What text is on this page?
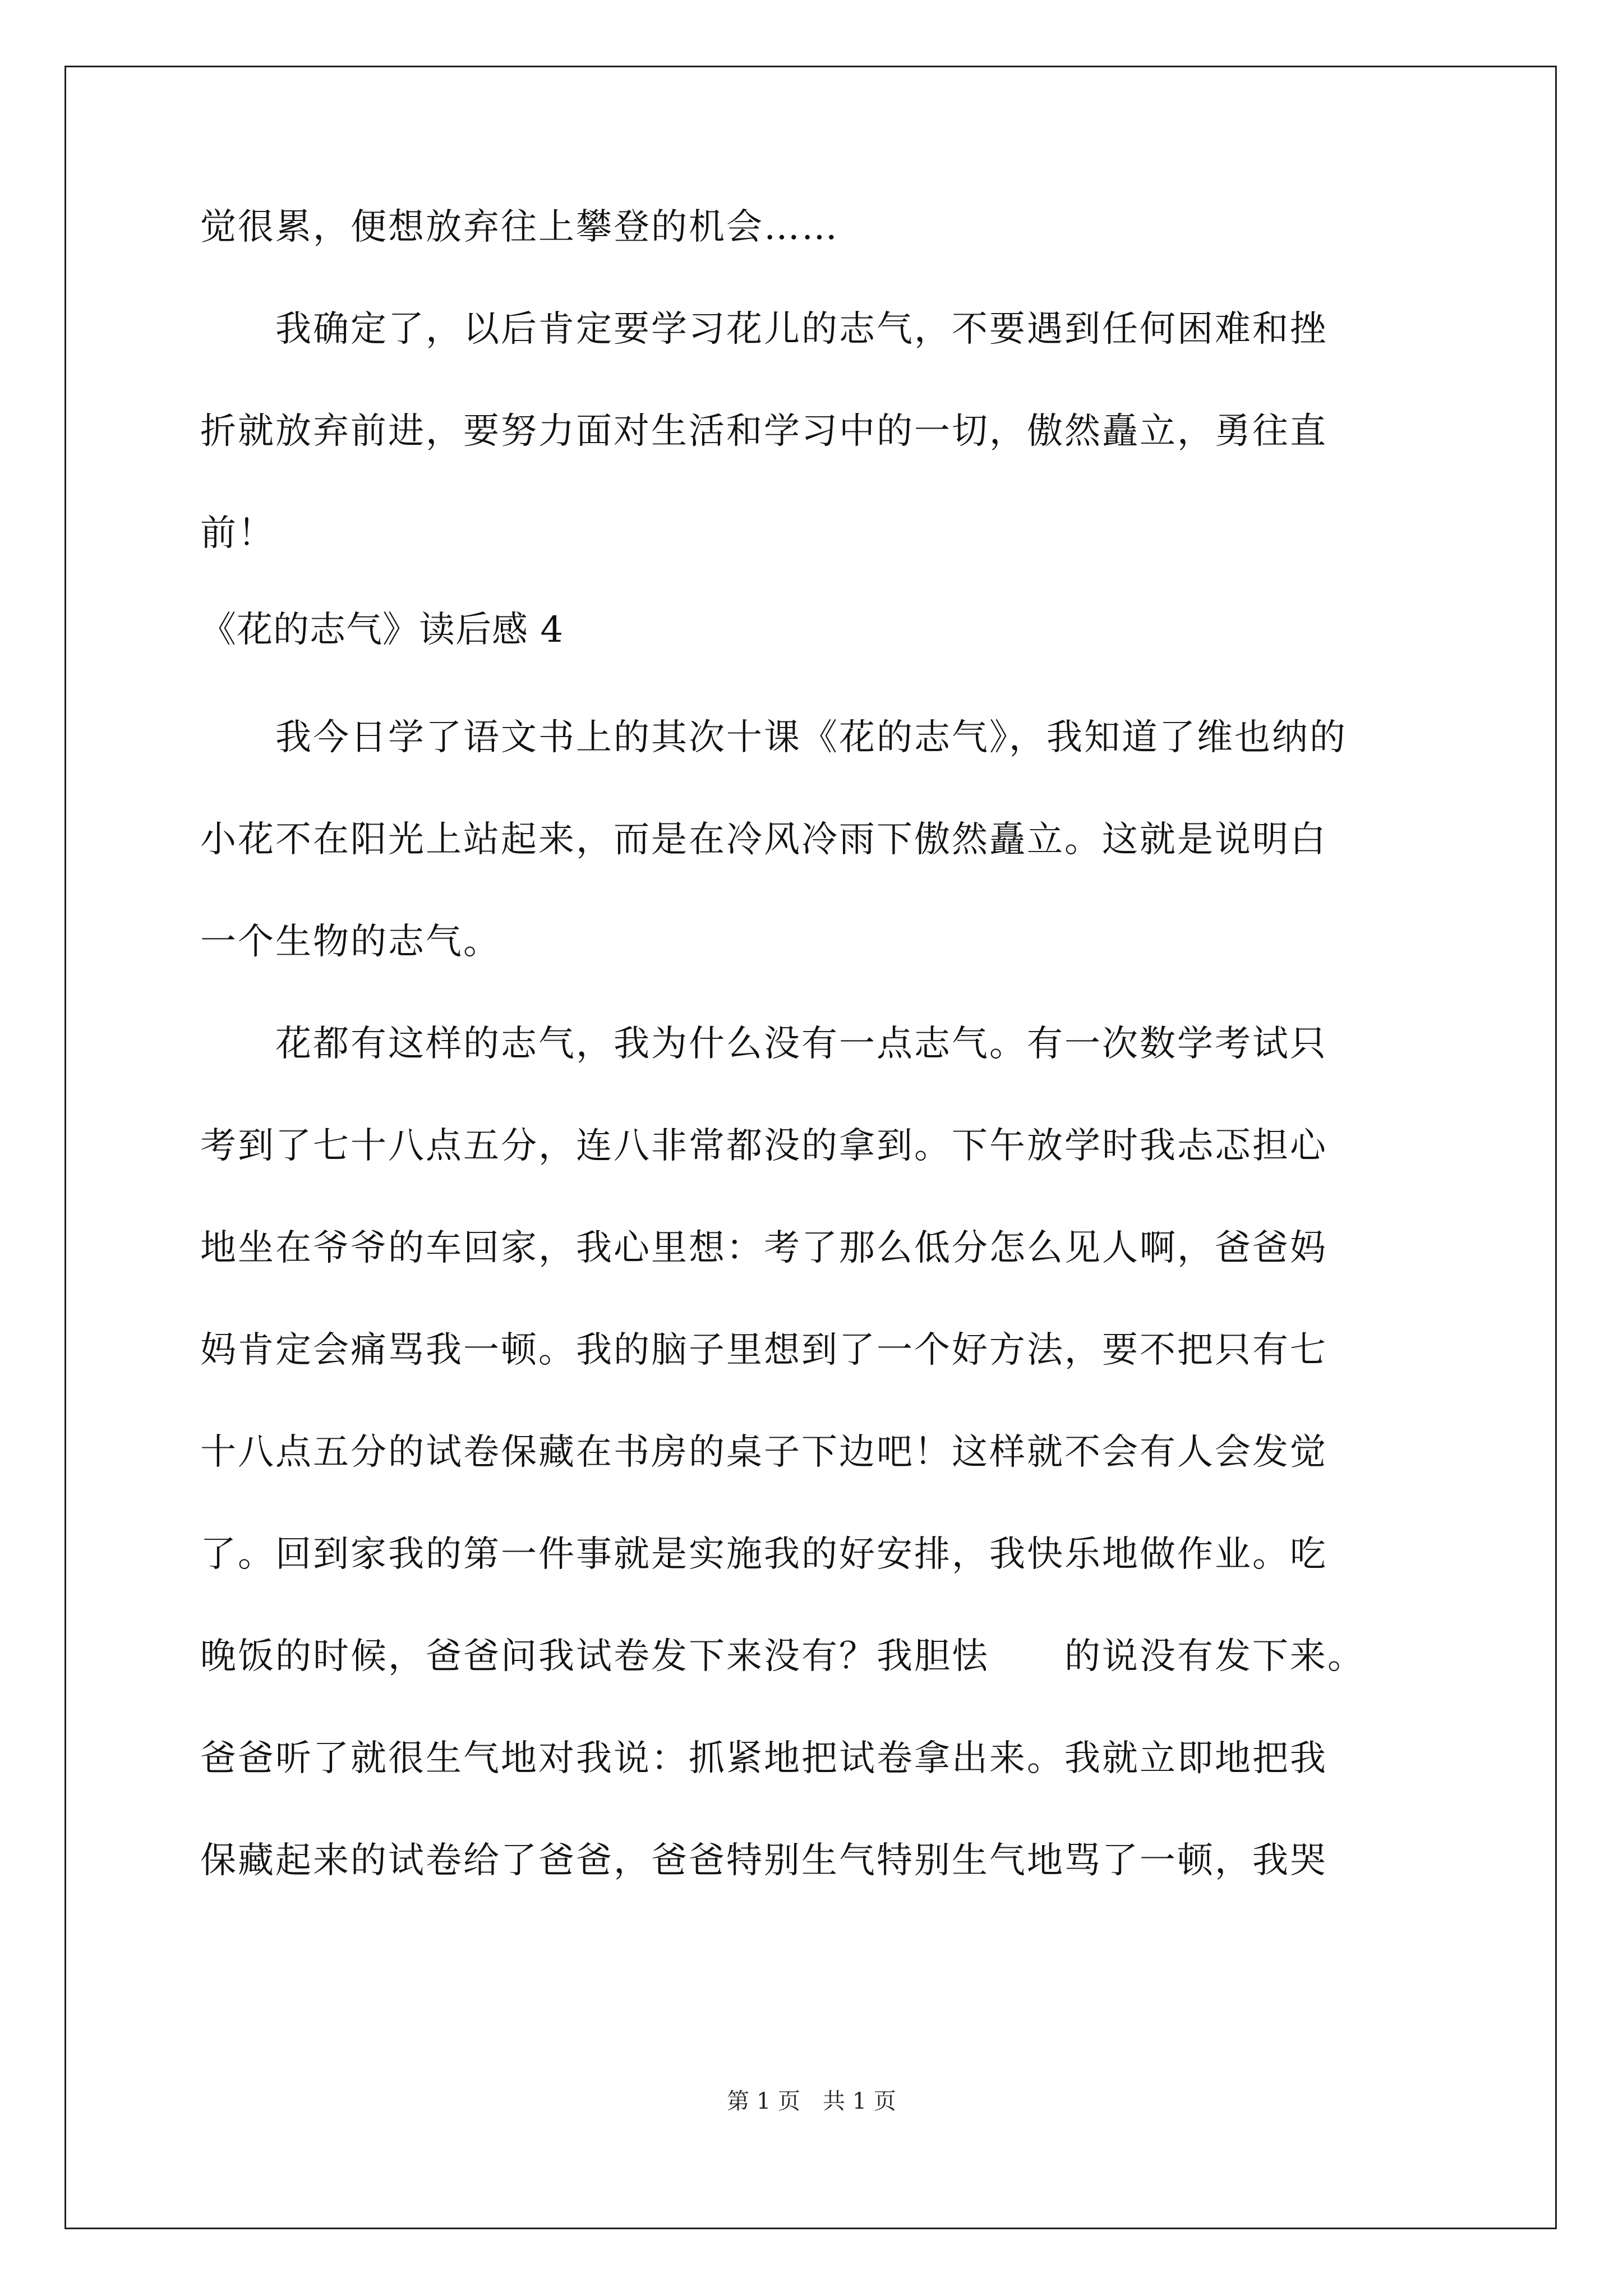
觉很累，便想放弃往上攀登的机会……
　　我确定了，以后肯定要学习花儿的志气，不要遇到任何困难和挫
折就放弃前进，要努力面对生活和学习中的一切，傲然矗立，勇往直
前！
《花的志气》读后感 4
　　我今日学了语文书上的其次十课《花的志气》，我知道了维也纳的
小花不在阳光上站起来，而是在冷风冷雨下傲然矗立。这就是说明白
一个生物的志气。
　　花都有这样的志气，我为什么没有一点志气。有一次数学考试只
考到了七十八点五分，连八非常都没的拿到。下午放学时我忐忑担心
地坐在爷爷的车回家，我心里想：考了那么低分怎么见人啊，爸爸妈
妈肯定会痛骂我一顿。我的脑子里想到了一个好方法，要不把只有七
十八点五分的试卷保藏在书房的桌子下边吧！这样就不会有人会发觉
了。回到家我的第一件事就是实施我的好安排，我快乐地做作业。吃
晚饭的时候，爸爸问我试卷发下来没有？我胆怯　　的说没有发下来。
爸爸听了就很生气地对我说：抓紧地把试卷拿出来。我就立即地把我
保藏起来的试卷给了爸爸，爸爸特别生气特别生气地骂了一顿，我哭
第 1 页　共 1 页
